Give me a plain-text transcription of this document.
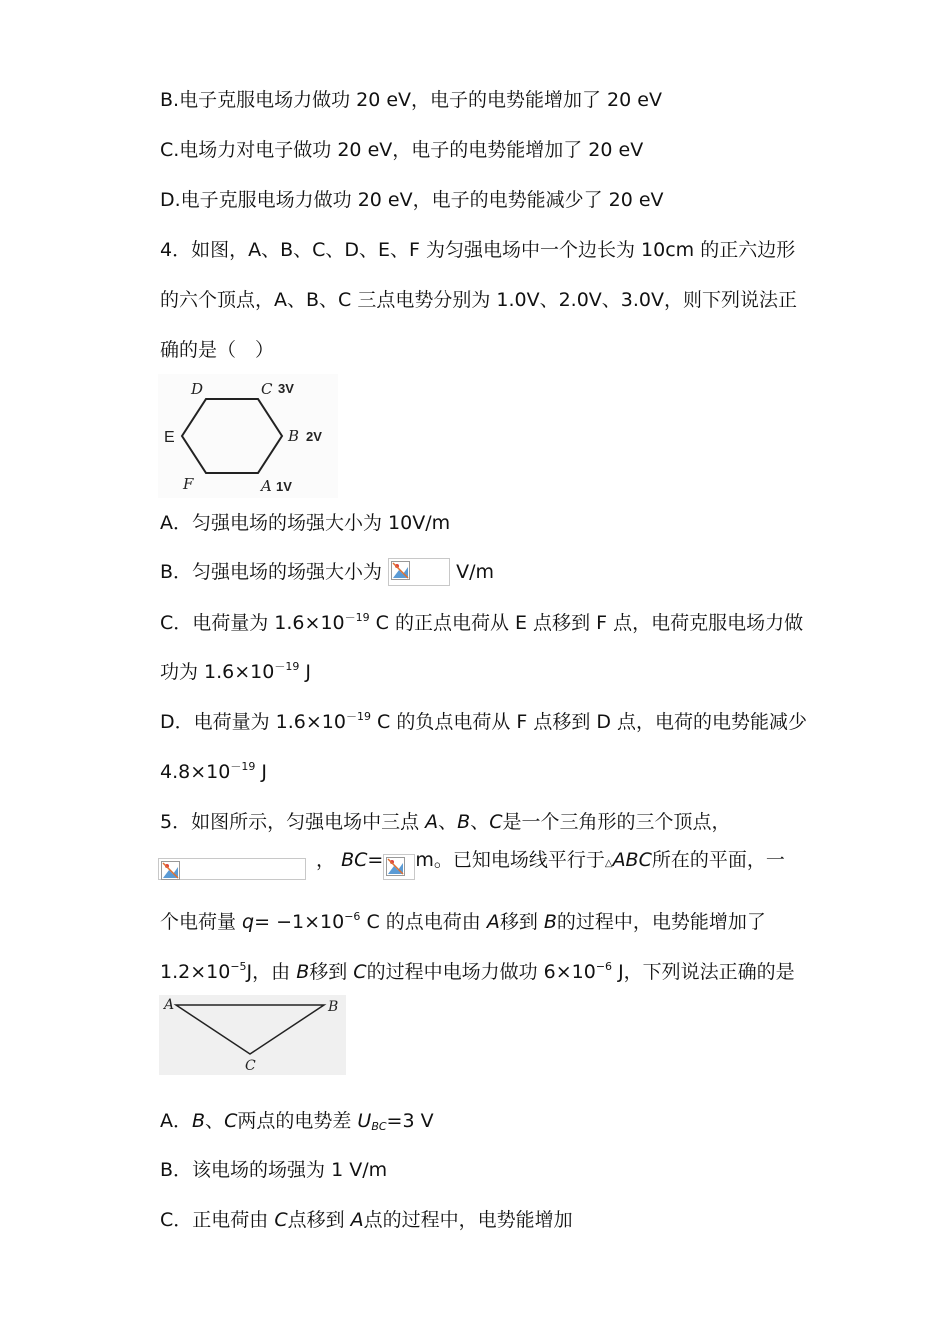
B.电子克服电场力做功 20 eV，电子的电势能增加了 20 eV
C.电场力对电子做功 20 eV，电子的电势能增加了 20 eV
D.电子克服电场力做功 20 eV，电子的电势能减少了 20 eV
4．如图，A、B、C、D、E、F 为匀强电场中一个边长为 10cm 的正六边形
的六个顶点，A、B、C 三点电势分别为 1.0V、2.0V、3.0V，则下列说法正
确的是（　）
D	C 3V
E	B 2V
F	A 1V
A．匀强电场的场强大小为 10V/m
B．匀强电场的场强大小为	V/m
C．电荷量为 $1.6\times 10^{-19}$ C 的正点电荷从 E 点移到 F 点，电荷克服电场力做
功为 $1.6\times 10^{-19}$ J
D．电荷量为 $1.6\times 10^{-19}$ C 的负点电荷从 F 点移到 D 点，电荷的电势能减少
$4.8\times 10^{-19}$ J
5．如图所示，匀强电场中三点 A、B、C是一个三角形的三个顶点，
， BC= m。已知电场线平行于△ABC所在的平面，一
个电荷量 $q= -1\times 10^{-6}$ C 的点电荷由 A移到 B的过程中，电势能增加了
$1.2\times 10^{-5}J$，由 B移到 C的过程中电场力做功 $6\times 10^{-6}$ J，下列说法正确的是
A	B
C
A．B、C两点的电势差 $U_{BC}=3$ V
B．该电场的场强为 1 V/m
C．正电荷由 C点移到 A点的过程中，电势能增加
